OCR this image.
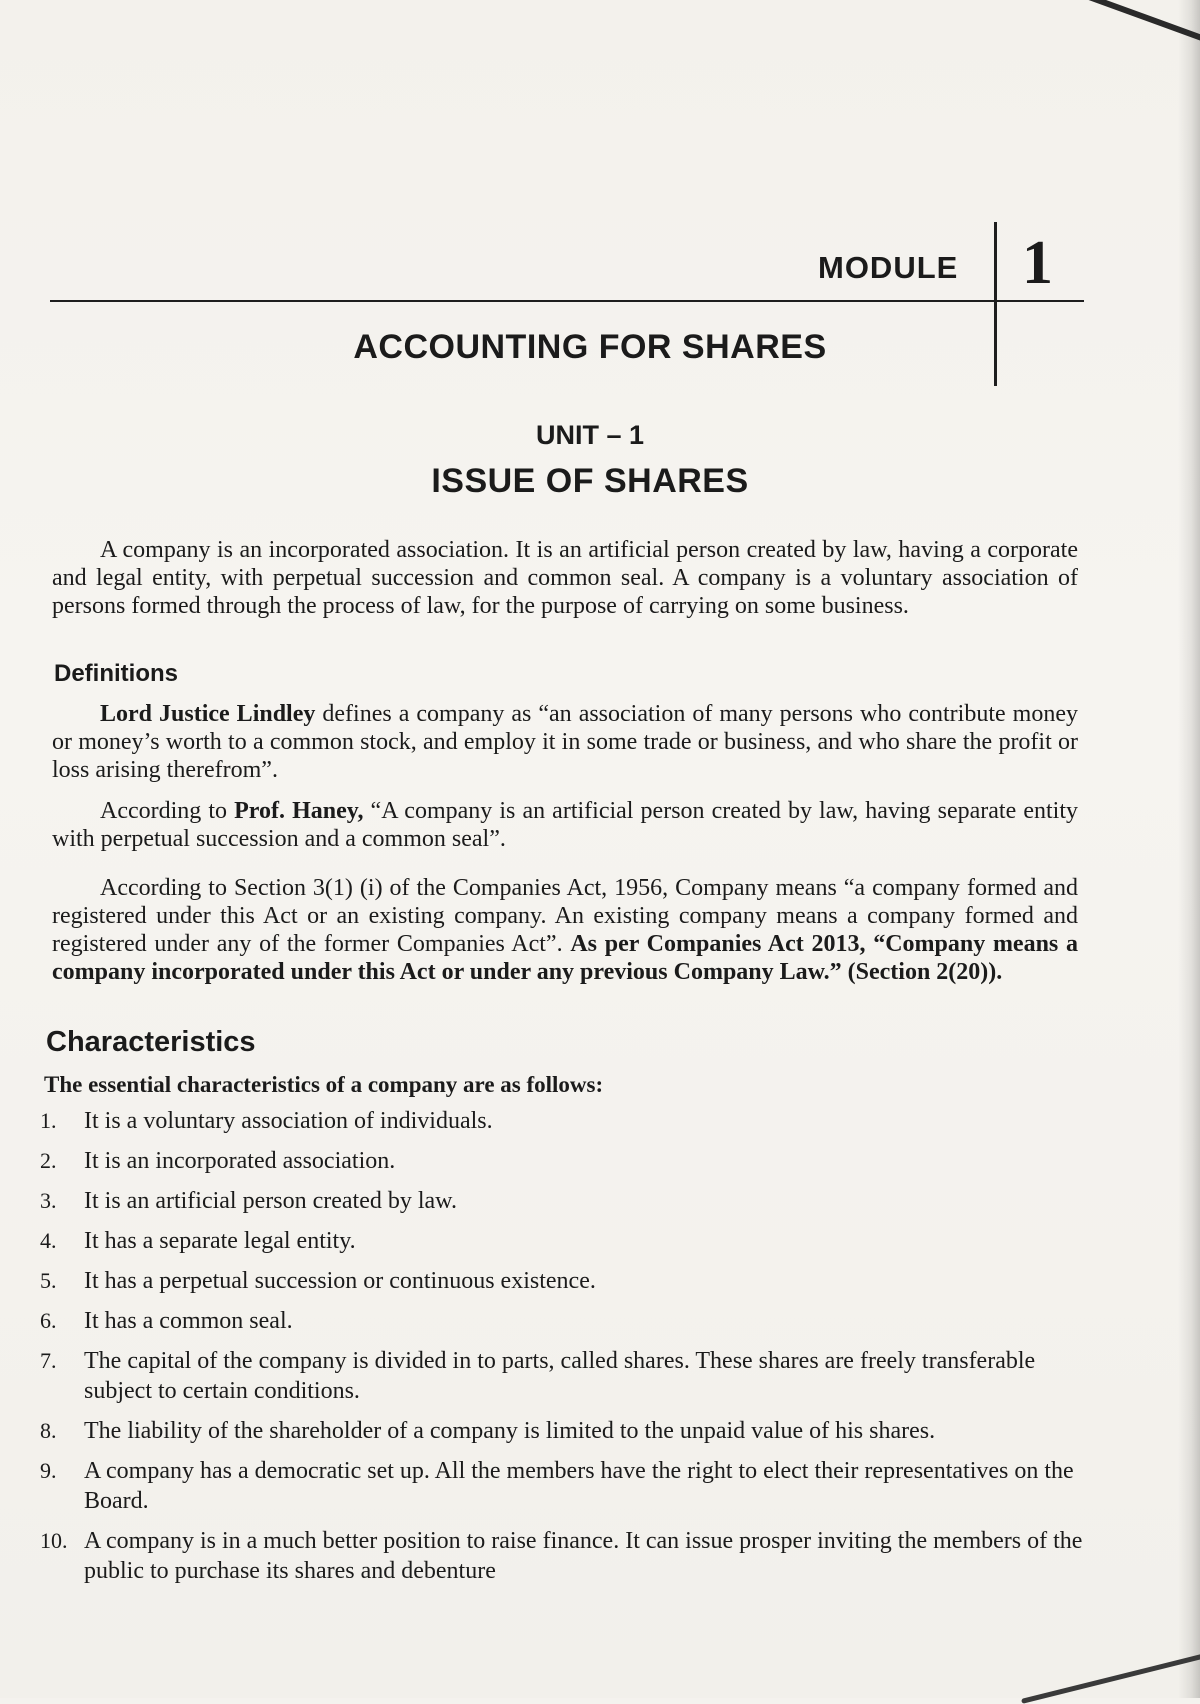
MODULE 1
ACCOUNTING FOR SHARES
UNIT – 1
ISSUE OF SHARES

A company is an incorporated association. It is an artificial person created by law, having a corporate and legal entity, with perpetual succession and common seal. A company is a voluntary association of persons formed through the process of law, for the purpose of carrying on some business.

Definitions

Lord Justice Lindley defines a company as “an association of many persons who contribute money or money’s worth to a common stock, and employ it in some trade or business, and who share the profit or loss arising therefrom”.

According to Prof. Haney, “A company is an artificial person created by law, having separate entity with perpetual succession and a common seal”.

According to Section 3(1) (i) of the Companies Act, 1956, Company means “a company formed and registered under this Act or an existing company. An existing company means a company formed and registered under any of the former Companies Act”. As per Companies Act 2013, “Company means a company incorporated under this Act or under any previous Company Law.” (Section 2(20)).

Characteristics

The essential characteristics of a company are as follows:

1. It is a voluntary association of individuals.
2. It is an incorporated association.
3. It is an artificial person created by law.
4. It has a separate legal entity.
5. It has a perpetual succession or continuous existence.
6. It has a common seal.
7. The capital of the company is divided in to parts, called shares. These shares are freely transferable subject to certain conditions.
8. The liability of the shareholder of a company is limited to the unpaid value of his shares.
9. A company has a democratic set up. All the members have the right to elect their representatives on the Board.
10. A company is in a much better position to raise finance. It can issue prosper inviting the members of the public to purchase its shares and debenture
